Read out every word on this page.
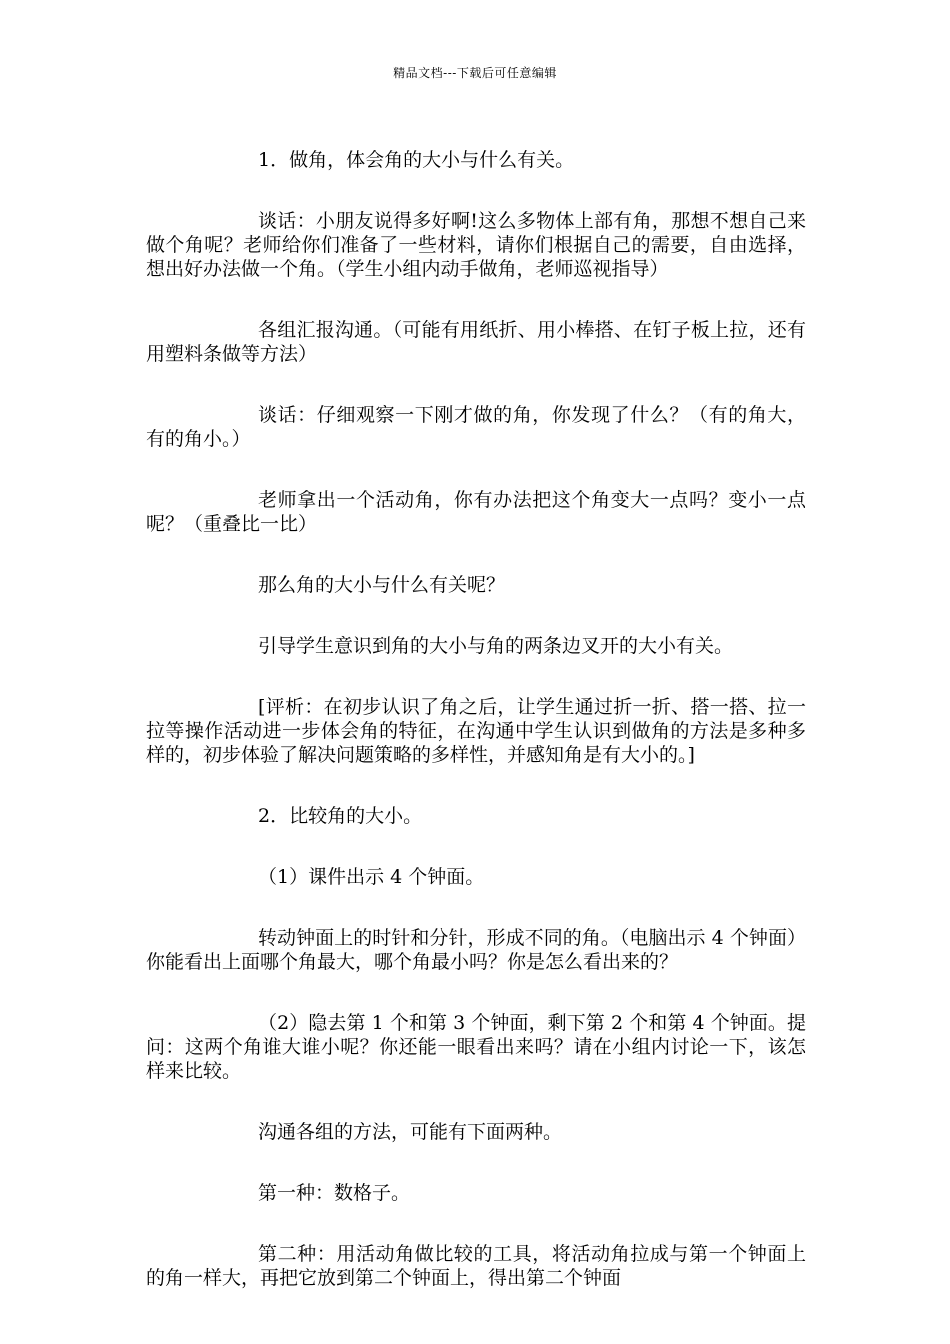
精品文档---下载后可任意编辑

1．做角，体会角的大小与什么有关。

谈话：小朋友说得多好啊!这么多物体上部有角，那想不想自己来做个角呢？老师给你们准备了一些材料，请你们根据自己的需要，自由选择，想出好办法做一个角。（学生小组内动手做角，老师巡视指导）

各组汇报沟通。（可能有用纸折、用小棒搭、在钉子板上拉，还有用塑料条做等方法）

谈话：仔细观察一下刚才做的角，你发现了什么？（有的角大，有的角小。）

老师拿出一个活动角，你有办法把这个角变大一点吗？变小一点呢？（重叠比一比）

那么角的大小与什么有关呢？

引导学生意识到角的大小与角的两条边叉开的大小有关。

[评析：在初步认识了角之后，让学生通过折一折、搭一搭、拉一拉等操作活动进一步体会角的特征，在沟通中学生认识到做角的方法是多种多样的，初步体验了解决问题策略的多样性，并感知角是有大小的。]

2．比较角的大小。

（1）课件出示 4 个钟面。

转动钟面上的时针和分针，形成不同的角。（电脑出示 4 个钟面）你能看出上面哪个角最大，哪个角最小吗？你是怎么看出来的？

（2）隐去第 1 个和第 3 个钟面，剩下第 2 个和第 4 个钟面。提问：这两个角谁大谁小呢？你还能一眼看出来吗？请在小组内讨论一下，该怎样来比较。

沟通各组的方法，可能有下面两种。

第一种：数格子。

第二种：用活动角做比较的工具，将活动角拉成与第一个钟面上的角一样大，再把它放到第二个钟面上，得出第二个钟面
